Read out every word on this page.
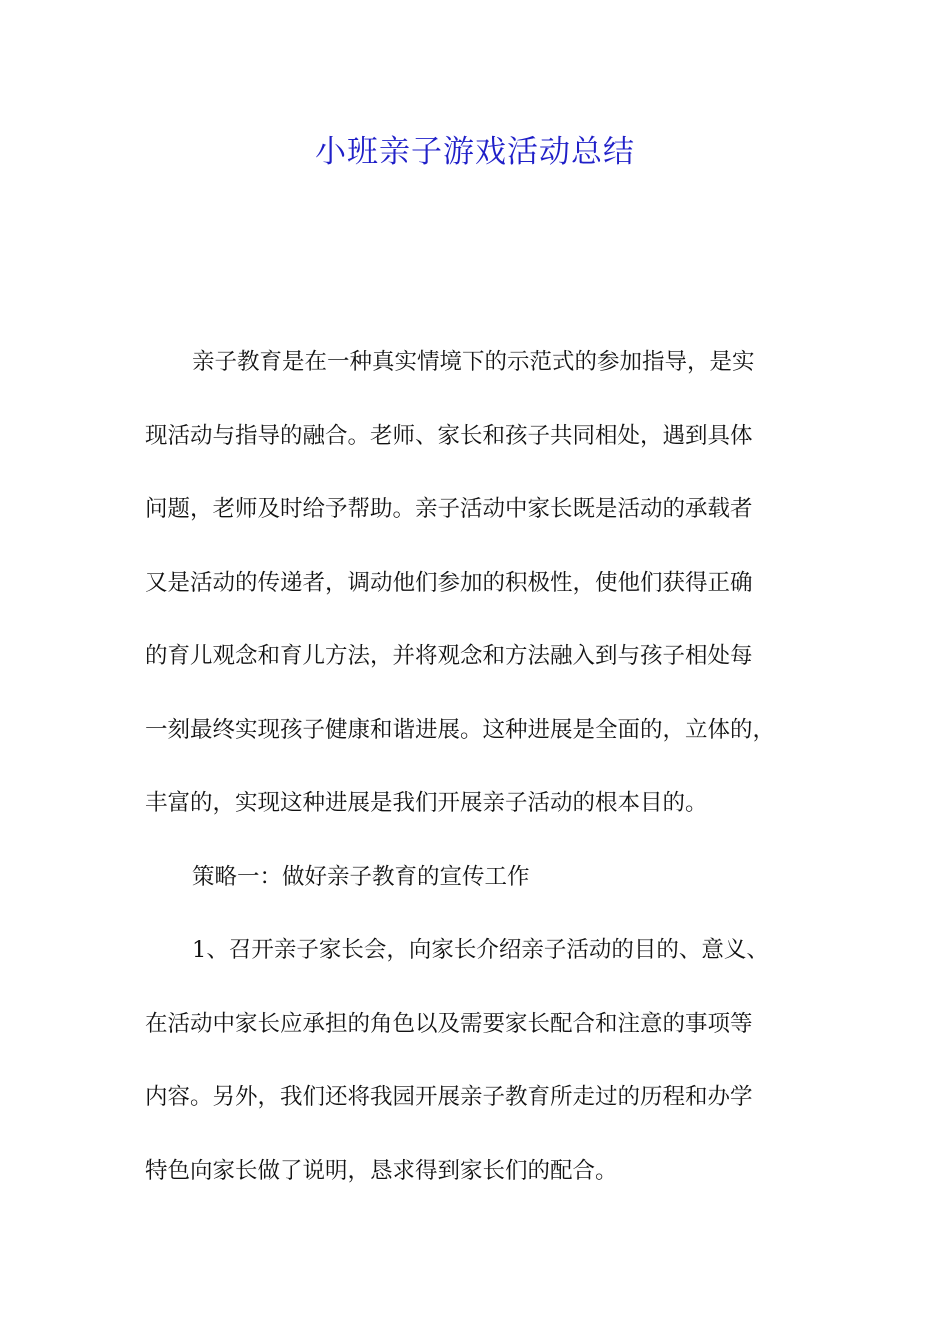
小班亲子游戏活动总结
亲子教育是在一种真实情境下的示范式的参加指导，是实
现活动与指导的融合。老师、家长和孩子共同相处，遇到具体
问题，老师及时给予帮助。亲子活动中家长既是活动的承载者
又是活动的传递者，调动他们参加的积极性，使他们获得正确
的育儿观念和育儿方法，并将观念和方法融入到与孩子相处每
一刻最终实现孩子健康和谐进展。这种进展是全面的，立体的，
丰富的，实现这种进展是我们开展亲子活动的根本目的。
策略一：做好亲子教育的宣传工作
1、召开亲子家长会，向家长介绍亲子活动的目的、意义、
在活动中家长应承担的角色以及需要家长配合和注意的事项等
内容。另外，我们还将我园开展亲子教育所走过的历程和办学
特色向家长做了说明，恳求得到家长们的配合。
